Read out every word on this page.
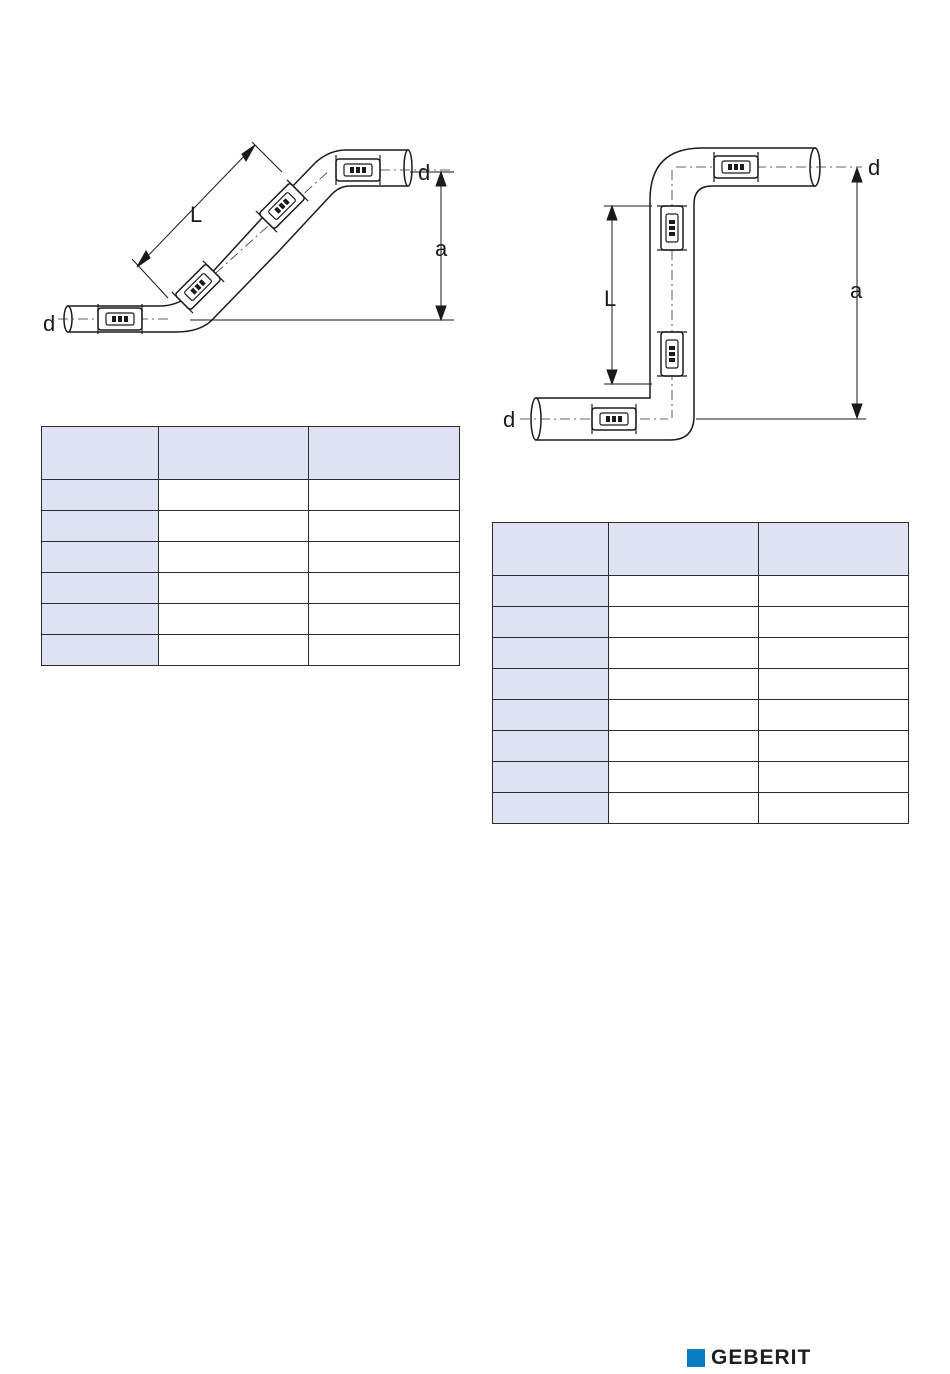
L
a
d
d
L	a
d
d

GEBERIT
